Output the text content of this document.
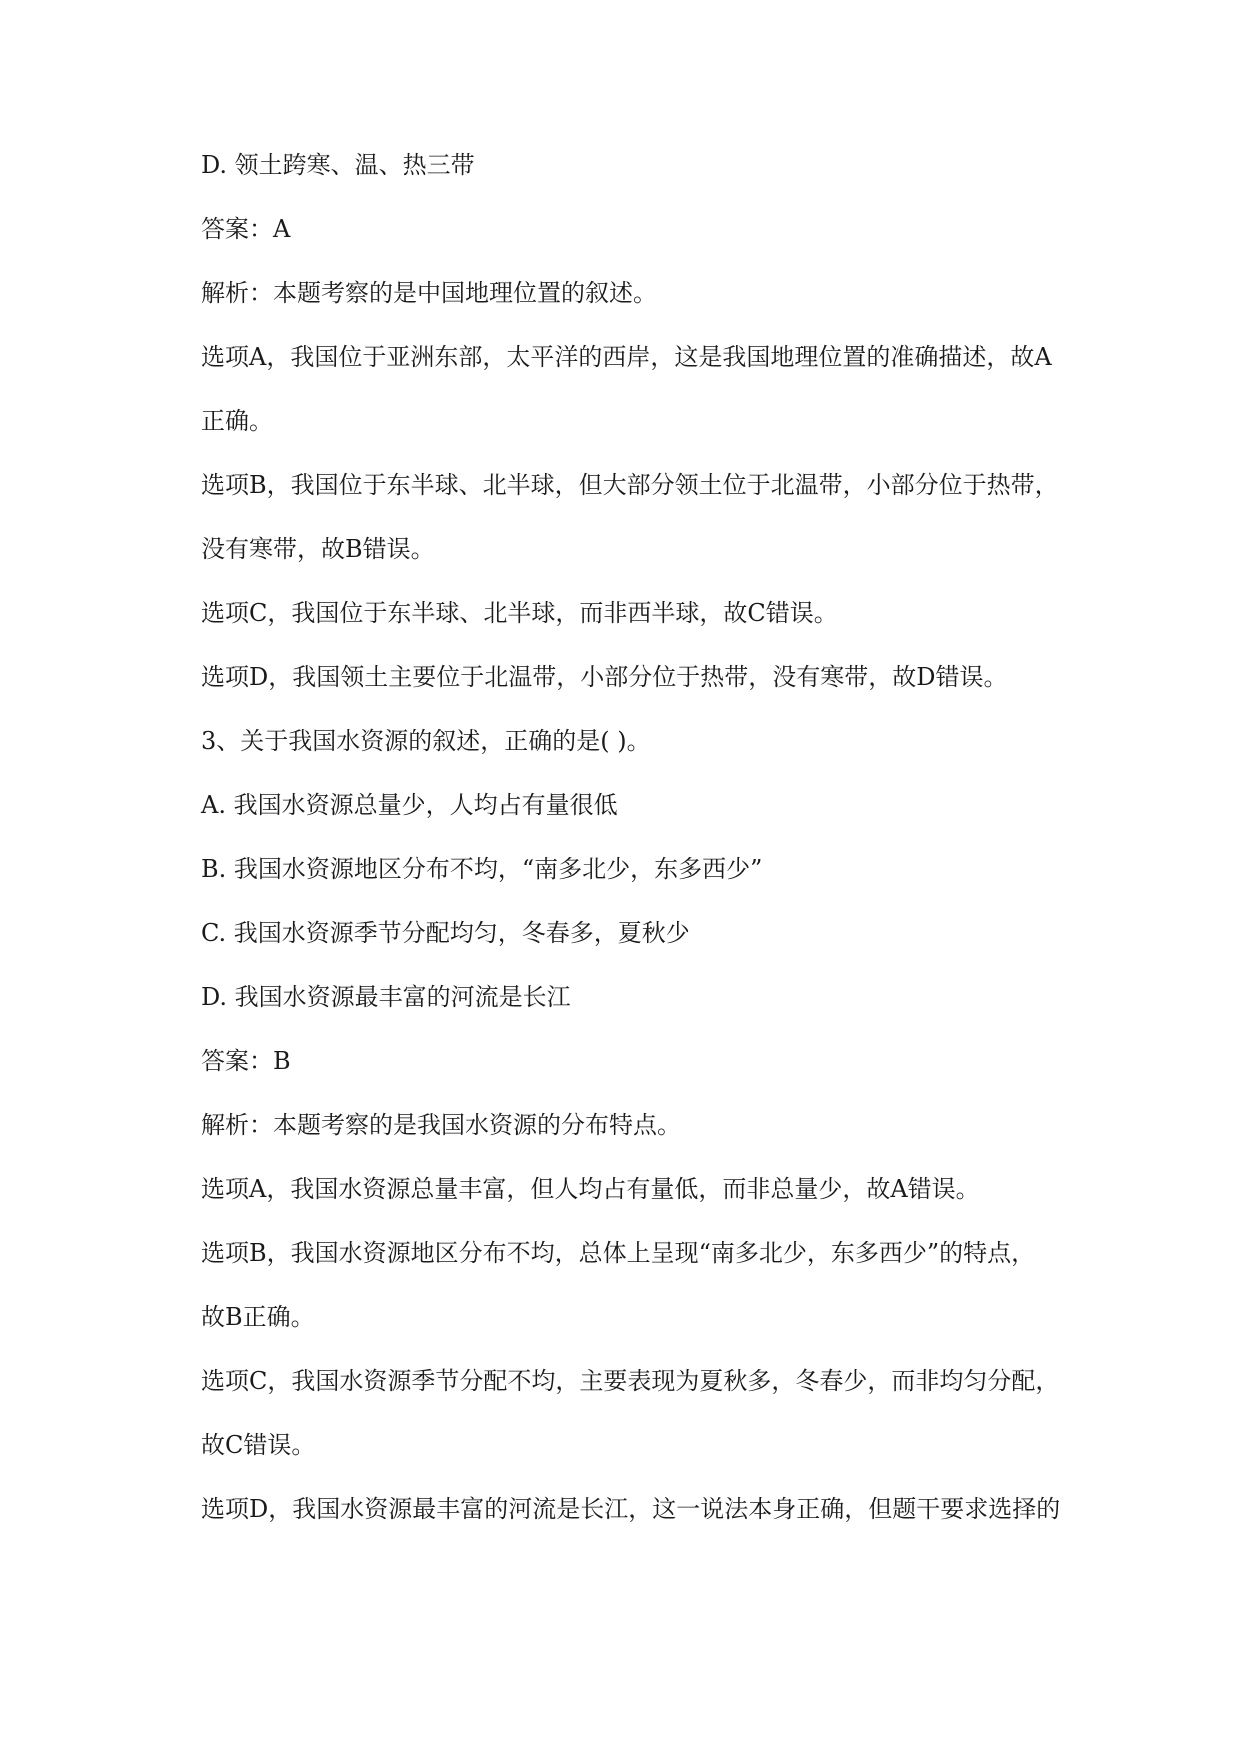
D. 领土跨寒、温、热三带

答案：A

解析：本题考察的是中国地理位置的叙述。

选项A，我国位于亚洲东部，太平洋的西岸，这是我国地理位置的准确描述，故A

正确。

选项B，我国位于东半球、北半球，但大部分领土位于北温带，小部分位于热带，

没有寒带，故B错误。

选项C，我国位于东半球、北半球，而非西半球，故C错误。

选项D，我国领土主要位于北温带，小部分位于热带，没有寒带，故D错误。

3、关于我国水资源的叙述，正确的是( )。

A. 我国水资源总量少，人均占有量很低

B. 我国水资源地区分布不均，“南多北少，东多西少”

C. 我国水资源季节分配均匀，冬春多，夏秋少

D. 我国水资源最丰富的河流是长江

答案：B

解析：本题考察的是我国水资源的分布特点。

选项A，我国水资源总量丰富，但人均占有量低，而非总量少，故A错误。

选项B，我国水资源地区分布不均，总体上呈现“南多北少，东多西少”的特点，

故B正确。

选项C，我国水资源季节分配不均，主要表现为夏秋多，冬春少，而非均匀分配，

故C错误。

选项D，我国水资源最丰富的河流是长江，这一说法本身正确，但题干要求选择的
